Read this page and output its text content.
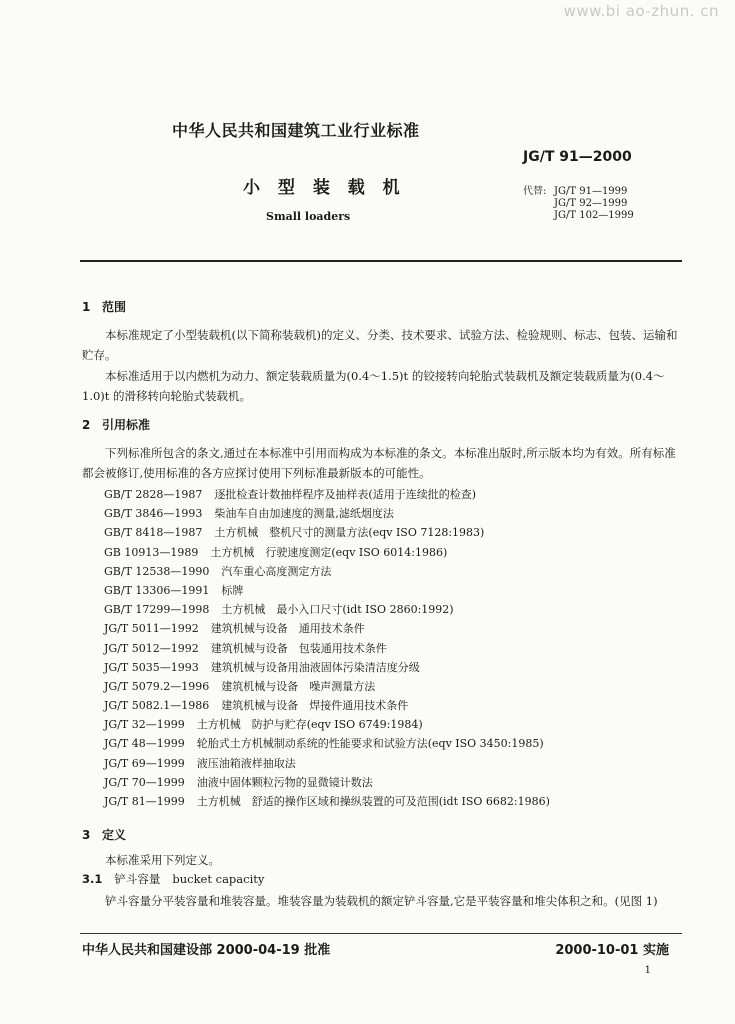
www.bi ao-zhun. cn
中华人民共和国建筑工业行业标准
JG/T 91—2000
小 型 装 载 机	代替: JG/T 91—1999
JG/T 92—1999
JG/T 102—1999
Small loaders
1 范围
本标准规定了小型装载机(以下简称装载机)的定义、分类、技术要求、试验方法、检验规则、标志、包装、运输和贮存。
本标准适用于以内燃机为动力、额定装载质量为(0.4～1.5)t 的铰接转向轮胎式装载机及额定装载质量为(0.4～1.0)t 的滑移转向轮胎式装载机。
2 引用标准
下列标准所包含的条文,通过在本标准中引用而构成为本标准的条文。本标准出版时,所示版本均为有效。所有标准都会被修订,使用标准的各方应探讨使用下列标准最新版本的可能性。
GB/T 2828—1987 逐批检查计数抽样程序及抽样表(适用于连续批的检查)
GB/T 3846—1993 柴油车自由加速度的测量,滤纸烟度法
GB/T 8418—1987 土方机械　整机尺寸的测量方法(eqv ISO 7128:1983)
GB 10913—1989 土方机械　行驶速度测定(eqv ISO 6014:1986)
GB/T 12538—1990 汽车重心高度测定方法
GB/T 13306—1991 标牌
GB/T 17299—1998 土方机械　最小入口尺寸(idt ISO 2860:1992)
JG/T 5011—1992 建筑机械与设备　通用技术条件
JG/T 5012—1992 建筑机械与设备　包装通用技术条件
JG/T 5035—1993 建筑机械与设备用油液固体污染清洁度分级
JG/T 5079.2—1996 建筑机械与设备　噪声测量方法
JG/T 5082.1—1986 建筑机械与设备　焊接件通用技术条件
JG/T 32—1999 土方机械　防护与贮存(eqv ISO 6749:1984)
JG/T 48—1999 轮胎式土方机械制动系统的性能要求和试验方法(eqv ISO 3450:1985)
JG/T 69—1999 液压油箱液样抽取法
JG/T 70—1999 油液中固体颗粒污物的显微镜计数法
JG/T 81—1999 土方机械　舒适的操作区域和操纵装置的可及范围(idt ISO 6682:1986)
3 定义
本标准采用下列定义。
3.1 铲斗容量 bucket capacity
铲斗容量分平装容量和堆装容量。堆装容量为装载机的额定铲斗容量,它是平装容量和堆尖体积之和。(见图 1)
中华人民共和国建设部 2000-04-19 批准	2000-10-01 实施
1
